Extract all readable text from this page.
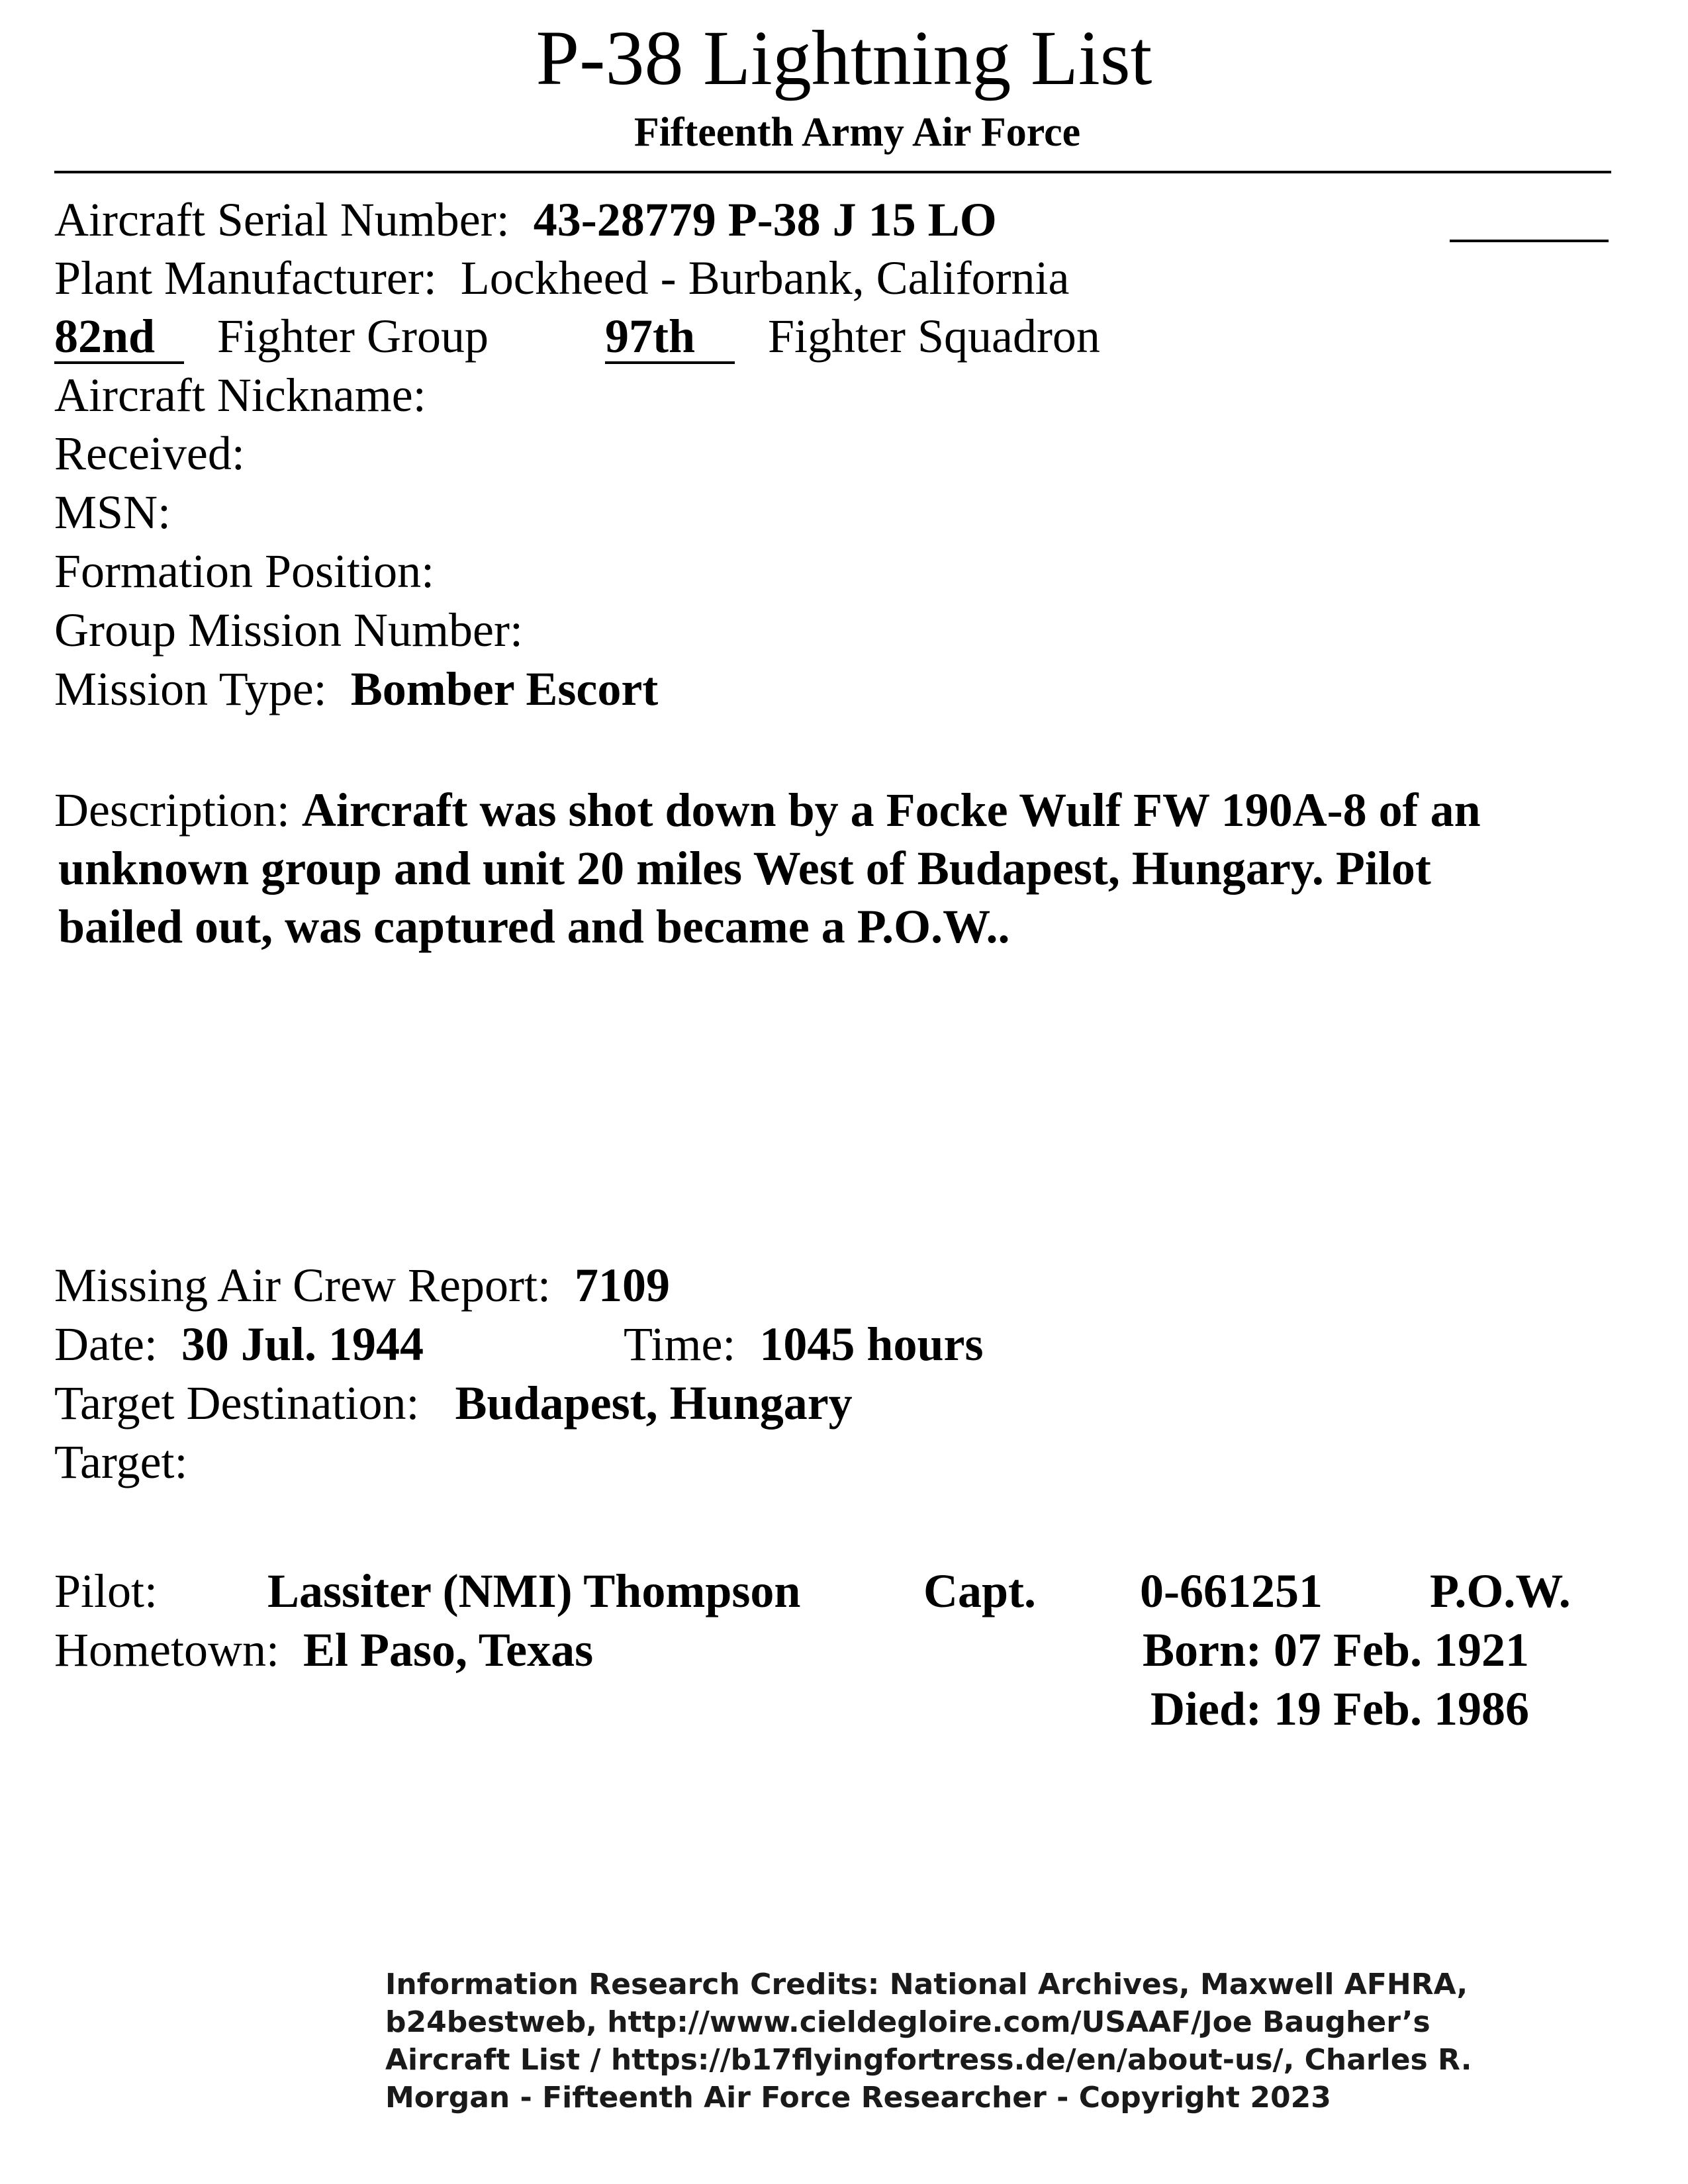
P-38 Lightning List
Fifteenth Army Air Force
Aircraft Serial Number: 43-28779 P-38 J 15 LO
Plant Manufacturer: Lockheed - Burbank, California
82nd Fighter Group 97th Fighter Squadron
Aircraft Nickname:
Received:
MSN:
Formation Position:
Group Mission Number:
Mission Type: Bomber Escort
Description: Aircraft was shot down by a Focke Wulf FW 190A-8 of an
unknown group and unit 20 miles West of Budapest, Hungary. Pilot
bailed out, was captured and became a P.O.W..
Missing Air Crew Report: 7109
Date: 30 Jul. 1944	Time: 1045 hours
Target Destination: Budapest, Hungary
Target:
Pilot: Lassiter (NMI) Thompson	Capt. 0-661251 P.O.W.
Hometown: El Paso, Texas	Born: 07 Feb. 1921
Died: 19 Feb. 1986
Information Research Credits: National Archives, Maxwell AFHRA,
b24bestweb, http://www.cieldegloire.com/USAAF/Joe Baugher’s
Aircraft List / https://b17flyingfortress.de/en/about-us/, Charles R.
Morgan - Fifteenth Air Force Researcher - Copyright 2023
